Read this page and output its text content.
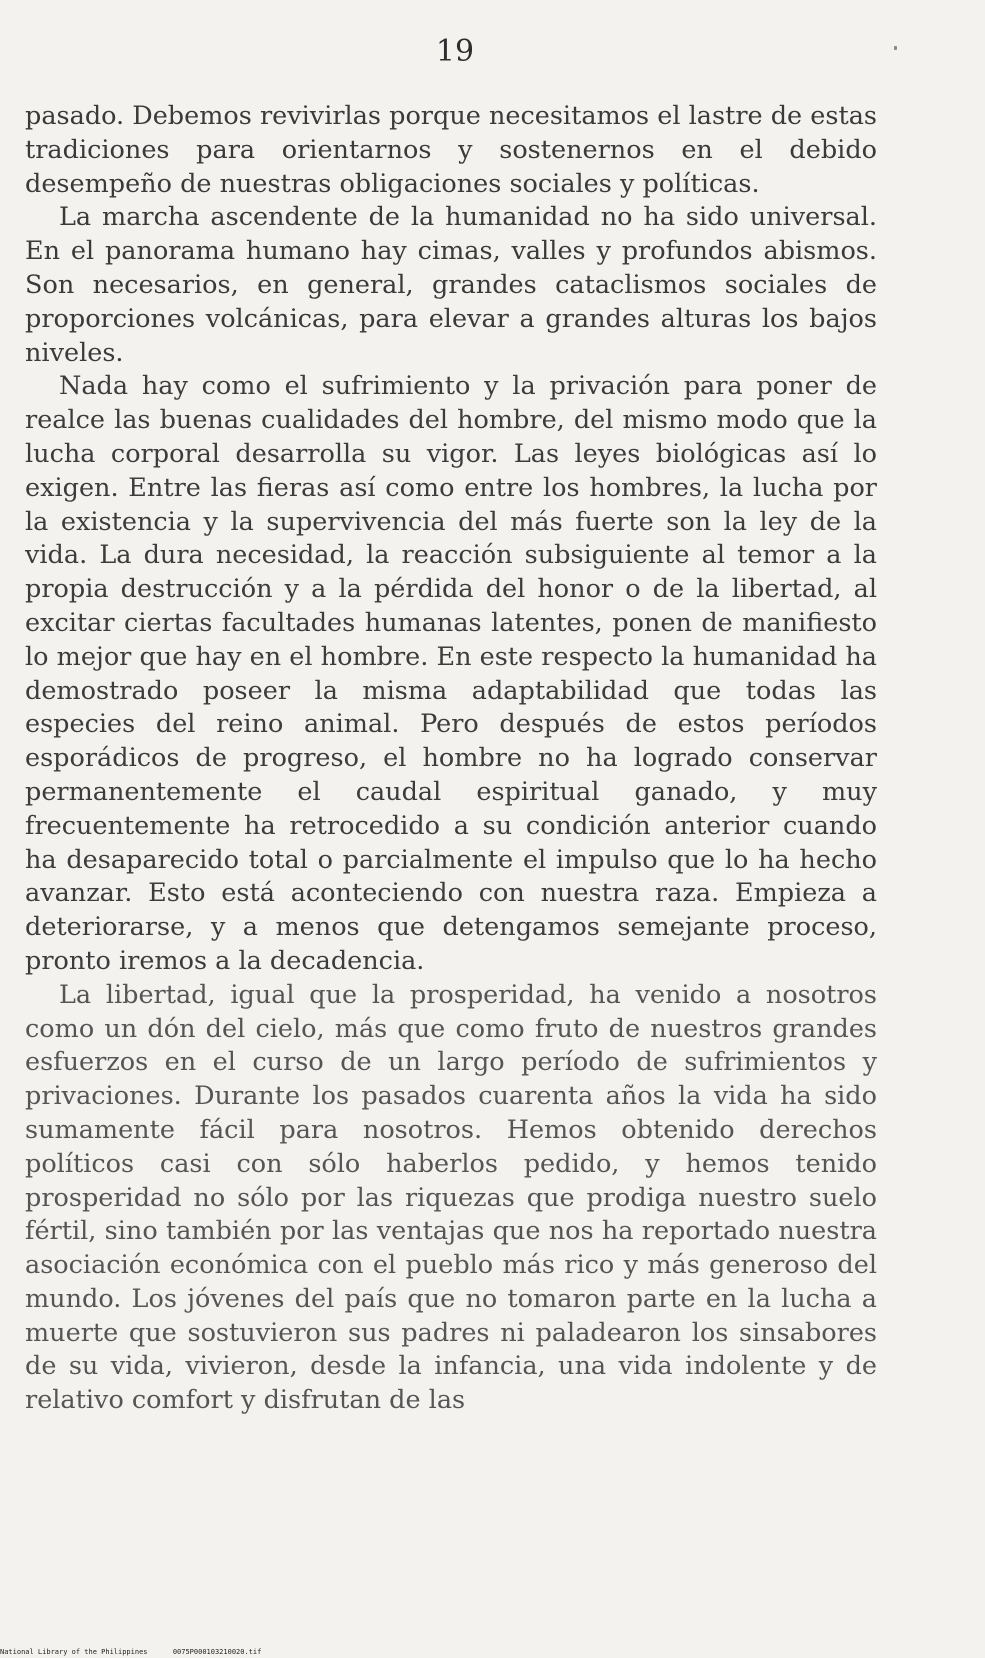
19

pasado. Debemos revivirlas porque necesitamos el lastre de estas tradiciones para orientarnos y sostenernos en el debido desempeño de nuestras obligaciones sociales y políticas.

La marcha ascendente de la humanidad no ha sido universal. En el panorama humano hay cimas, valles y profundos abismos. Son necesarios, en general, grandes cataclismos sociales de proporciones volcánicas, para elevar a grandes alturas los bajos niveles.

Nada hay como el sufrimiento y la privación para poner de realce las buenas cualidades del hombre, del mismo modo que la lucha corporal desarrolla su vigor. Las leyes biológicas así lo exigen. Entre las fieras así como entre los hombres, la lucha por la existencia y la supervivencia del más fuerte son la ley de la vida. La dura necesidad, la reacción subsiguiente al temor a la propia destrucción y a la pérdida del honor o de la libertad, al excitar ciertas facultades humanas latentes, ponen de manifiesto lo mejor que hay en el hombre. En este respecto la humanidad ha demostrado poseer la misma adaptabilidad que todas las especies del reino animal. Pero después de estos períodos esporádicos de progreso, el hombre no ha logrado conservar permanentemente el caudal espiritual ganado, y muy frecuentemente ha retrocedido a su condición anterior cuando ha desaparecido total o parcialmente el impulso que lo ha hecho avanzar. Esto está aconteciendo con nuestra raza. Empieza a deteriorarse, y a menos que detengamos semejante proceso, pronto iremos a la decadencia.

La libertad, igual que la prosperidad, ha venido a nosotros como un dón del cielo, más que como fruto de nuestros grandes esfuerzos en el curso de un largo período de sufrimientos y privaciones. Durante los pasados cuarenta años la vida ha sido sumamente fácil para nosotros. Hemos obtenido derechos políticos casi con sólo haberlos pedido, y hemos tenido prosperidad no sólo por las riquezas que prodiga nuestro suelo fértil, sino también por las ventajas que nos ha reportado nuestra asociación económica con el pueblo más rico y más generoso del mundo. Los jóvenes del país que no tomaron parte en la lucha a muerte que sostuvieron sus padres ni paladearon los sinsabores de su vida, vivieron, desde la infancia, una vida indolente y de relativo comfort y disfrutan de las

National Library of the Philippines	0075P000103210020.tif
